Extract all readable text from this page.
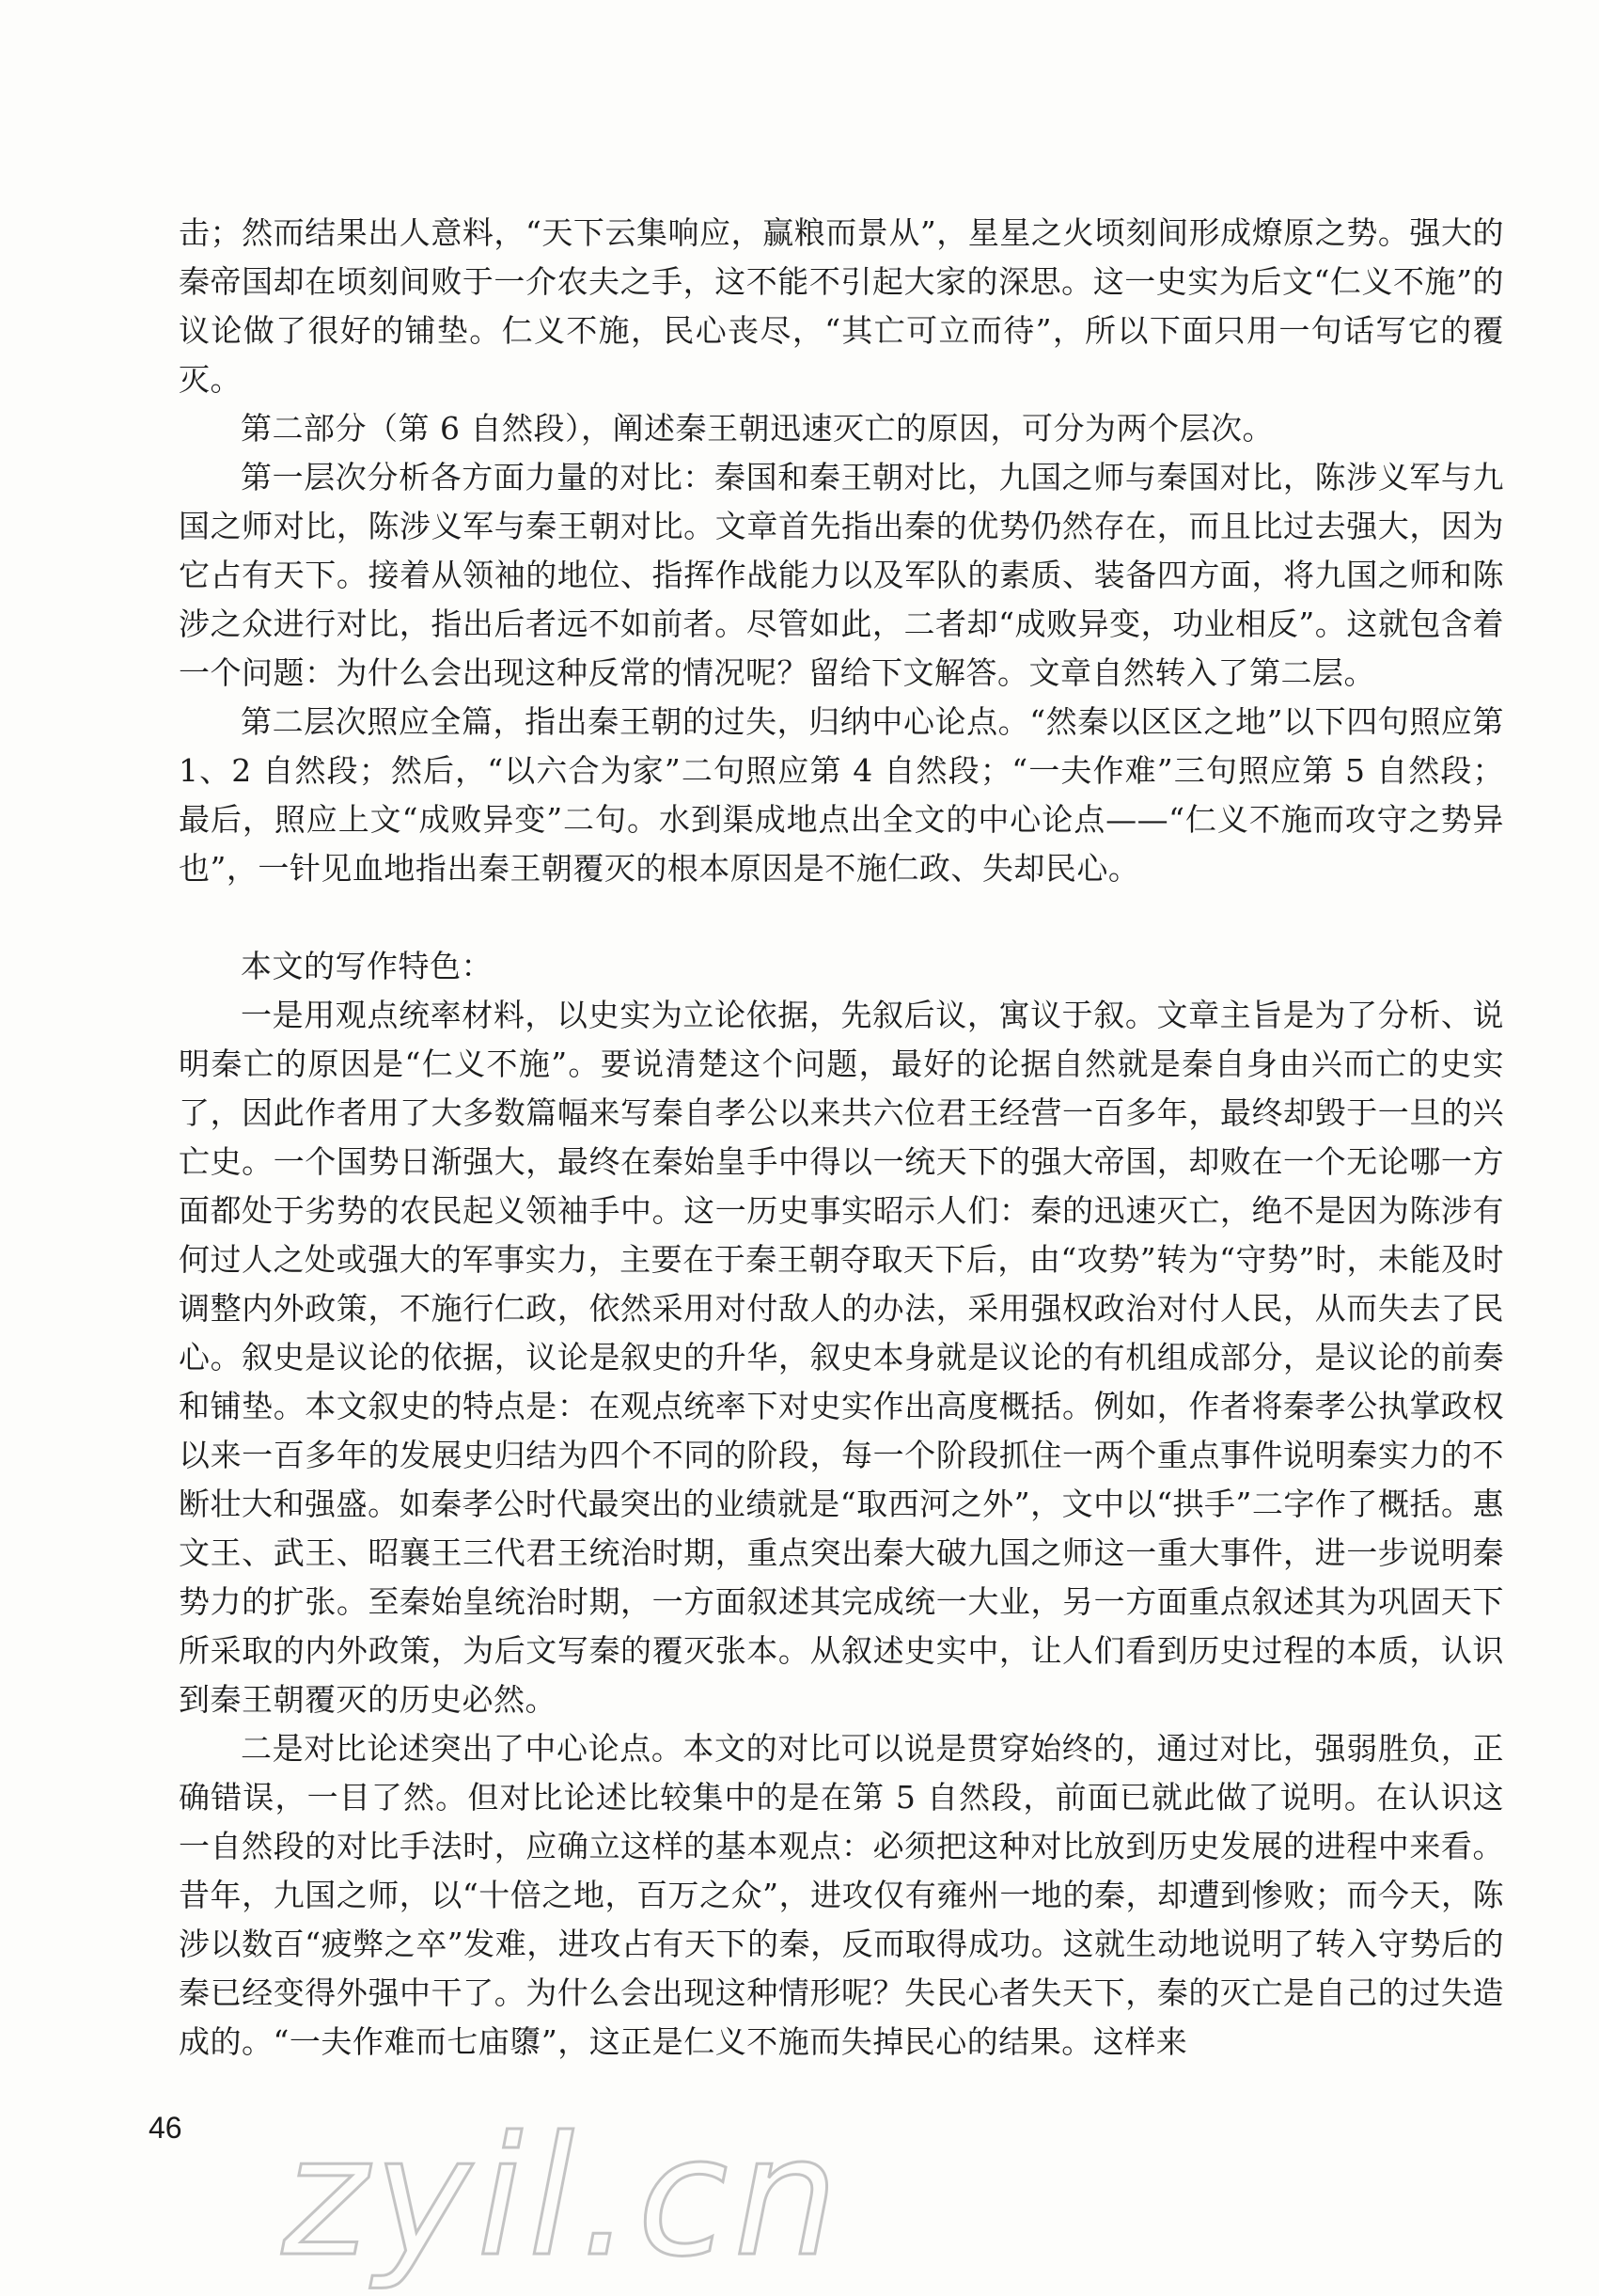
击；然而结果出人意料，“天下云集响应，赢粮而景从”，星星之火顷刻间形成燎原之势。强大的秦帝国却在顷刻间败于一介农夫之手，这不能不引起大家的深思。这一史实为后文“仁义不施”的议论做了很好的铺垫。仁义不施，民心丧尽，“其亡可立而待”，所以下面只用一句话写它的覆灭。

第二部分（第 6 自然段），阐述秦王朝迅速灭亡的原因，可分为两个层次。

第一层次分析各方面力量的对比：秦国和秦王朝对比，九国之师与秦国对比，陈涉义军与九国之师对比，陈涉义军与秦王朝对比。文章首先指出秦的优势仍然存在，而且比过去强大，因为它占有天下。接着从领袖的地位、指挥作战能力以及军队的素质、装备四方面，将九国之师和陈涉之众进行对比，指出后者远不如前者。尽管如此，二者却“成败异变，功业相反”。这就包含着一个问题：为什么会出现这种反常的情况呢？留给下文解答。文章自然转入了第二层。

第二层次照应全篇，指出秦王朝的过失，归纳中心论点。“然秦以区区之地”以下四句照应第 1、2 自然段；然后，“以六合为家”二句照应第 4 自然段；“一夫作难”三句照应第 5 自然段；最后，照应上文“成败异变”二句。水到渠成地点出全文的中心论点——“仁义不施而攻守之势异也”，一针见血地指出秦王朝覆灭的根本原因是不施仁政、失却民心。

本文的写作特色：

一是用观点统率材料，以史实为立论依据，先叙后议，寓议于叙。文章主旨是为了分析、说明秦亡的原因是“仁义不施”。要说清楚这个问题，最好的论据自然就是秦自身由兴而亡的史实了，因此作者用了大多数篇幅来写秦自孝公以来共六位君王经营一百多年，最终却毁于一旦的兴亡史。一个国势日渐强大，最终在秦始皇手中得以一统天下的强大帝国，却败在一个无论哪一方面都处于劣势的农民起义领袖手中。这一历史事实昭示人们：秦的迅速灭亡，绝不是因为陈涉有何过人之处或强大的军事实力，主要在于秦王朝夺取天下后，由“攻势”转为“守势”时，未能及时调整内外政策，不施行仁政，依然采用对付敌人的办法，采用强权政治对付人民，从而失去了民心。叙史是议论的依据，议论是叙史的升华，叙史本身就是议论的有机组成部分，是议论的前奏和铺垫。本文叙史的特点是：在观点统率下对史实作出高度概括。例如，作者将秦孝公执掌政权以来一百多年的发展史归结为四个不同的阶段，每一个阶段抓住一两个重点事件说明秦实力的不断壮大和强盛。如秦孝公时代最突出的业绩就是“取西河之外”，文中以“拱手”二字作了概括。惠文王、武王、昭襄王三代君王统治时期，重点突出秦大破九国之师这一重大事件，进一步说明秦势力的扩张。至秦始皇统治时期，一方面叙述其完成统一大业，另一方面重点叙述其为巩固天下所采取的内外政策，为后文写秦的覆灭张本。从叙述史实中，让人们看到历史过程的本质，认识到秦王朝覆灭的历史必然。

二是对比论述突出了中心论点。本文的对比可以说是贯穿始终的，通过对比，强弱胜负，正确错误，一目了然。但对比论述比较集中的是在第 5 自然段，前面已就此做了说明。在认识这一自然段的对比手法时，应确立这样的基本观点：必须把这种对比放到历史发展的进程中来看。昔年，九国之师，以“十倍之地，百万之众”，进攻仅有雍州一地的秦，却遭到惨败；而今天，陈涉以数百“疲弊之卒”发难，进攻占有天下的秦，反而取得成功。这就生动地说明了转入守势后的秦已经变得外强中干了。为什么会出现这种情形呢？失民心者失天下，秦的灭亡是自己的过失造成的。“一夫作难而七庙隳”，这正是仁义不施而失掉民心的结果。这样来

46 zyil.cn
